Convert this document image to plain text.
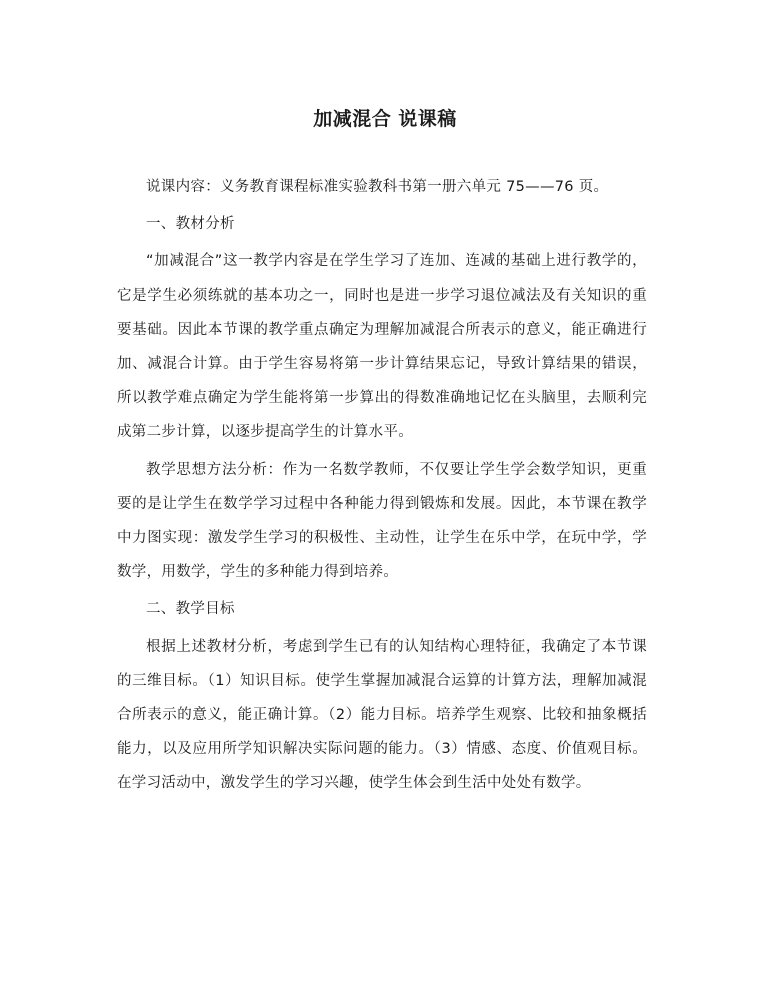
加减混合 说课稿

说课内容：义务教育课程标准实验教科书第一册六单元 75——76 页。

一、教材分析

“加减混合”这一教学内容是在学生学习了连加、连减的基础上进行教学的，它是学生必须练就的基本功之一，同时也是进一步学习退位减法及有关知识的重要基础。因此本节课的教学重点确定为理解加减混合所表示的意义，能正确进行加、减混合计算。由于学生容易将第一步计算结果忘记，导致计算结果的错误，所以教学难点确定为学生能将第一步算出的得数准确地记忆在头脑里，去顺利完成第二步计算，以逐步提高学生的计算水平。

教学思想方法分析：作为一名数学教师，不仅要让学生学会数学知识，更重要的是让学生在数学学习过程中各种能力得到锻炼和发展。因此，本节课在教学中力图实现：激发学生学习的积极性、主动性，让学生在乐中学，在玩中学，学数学，用数学，学生的多种能力得到培养。

二、教学目标

根据上述教材分析，考虑到学生已有的认知结构心理特征，我确定了本节课的三维目标。（1）知识目标。使学生掌握加减混合运算的计算方法，理解加减混合所表示的意义，能正确计算。（2）能力目标。培养学生观察、比较和抽象概括能力，以及应用所学知识解决实际问题的能力。（3）情感、态度、价值观目标。在学习活动中，激发学生的学习兴趣，使学生体会到生活中处处有数学。
